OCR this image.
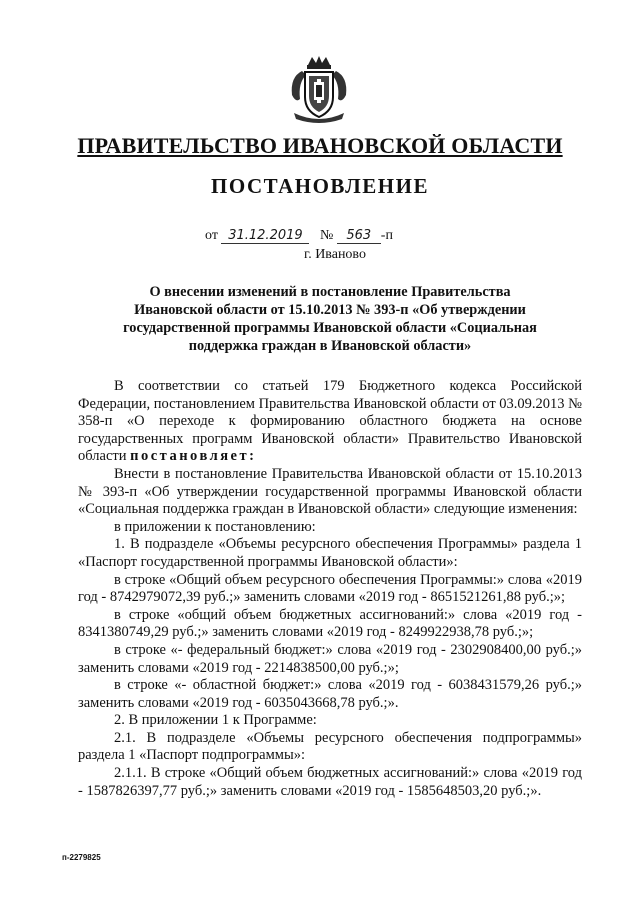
ПРАВИТЕЛЬСТВО ИВАНОВСКОЙ ОБЛАСТИ
ПОСТАНОВЛЕНИЕ
от 31.12.2019 № 563 -п
г. Иваново
О внесении изменений в постановление Правительства Ивановской области от 15.10.2013 № 393-п «Об утверждении государственной программы Ивановской области «Социальная поддержка граждан в Ивановской области»

В соответствии со статьей 179 Бюджетного кодекса Российской Федерации, постановлением Правительства Ивановской области от 03.09.2013 № 358-п «О переходе к формированию областного бюджета на основе государственных программ Ивановской области» Правительство Ивановской области постановляет:

Внести в постановление Правительства Ивановской области от 15.10.2013 № 393-п «Об утверждении государственной программы Ивановской области «Социальная поддержка граждан в Ивановской области» следующие изменения:

в приложении к постановлению:

1. В подразделе «Объемы ресурсного обеспечения Программы» раздела 1 «Паспорт государственной программы Ивановской области»:

в строке «Общий объем ресурсного обеспечения Программы:» слова «2019 год - 8742979072,39 руб.;» заменить словами «2019 год - 8651521261,88 руб.;»;

в строке «общий объем бюджетных ассигнований:» слова «2019 год - 8341380749,29 руб.;» заменить словами «2019 год - 8249922938,78 руб.;»;

в строке «- федеральный бюджет:» слова «2019 год - 2302908400,00 руб.;» заменить словами «2019 год - 2214838500,00 руб.;»;

в строке «- областной бюджет:» слова «2019 год - 6038431579,26 руб.;» заменить словами «2019 год - 6035043668,78 руб.;».

2. В приложении 1 к Программе:

2.1. В подразделе «Объемы ресурсного обеспечения подпрограммы» раздела 1 «Паспорт подпрограммы»:

2.1.1. В строке «Общий объем бюджетных ассигнований:» слова «2019 год - 1587826397,77 руб.;» заменить словами «2019 год - 1585648503,20 руб.;».

п-2279825
